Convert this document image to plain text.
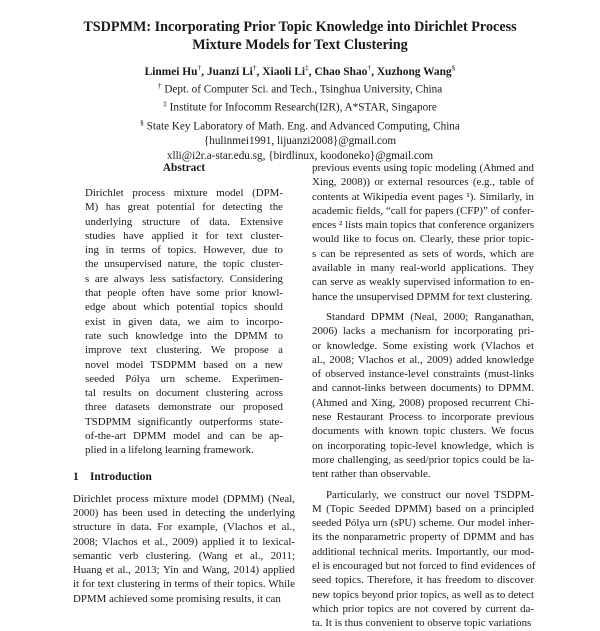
TSDPMM: Incorporating Prior Topic Knowledge into Dirichlet Process
Mixture Models for Text Clustering
Linmei Hu†, Juanzi Li†, Xiaoli Li‡, Chao Shao†, Xuzhong Wang§
† Dept. of Computer Sci. and Tech., Tsinghua University, China
‡ Institute for Infocomm Research(I2R), A*STAR, Singapore
§ State Key Laboratory of Math. Eng. and Advanced Computing, China
{hulinmei1991, lijuanzi2008}@gmail.com
xlli@i2r.a-star.edu.sg, {birdlinux, koodoneko}@gmail.com
Abstract
Dirichlet process mixture model (DPM-
M) has great potential for detecting the
underlying structure of data. Extensive
studies have applied it for text cluster-
ing in terms of topics. However, due to
the unsupervised nature, the topic cluster-
s are always less satisfactory. Considering
that people often have some prior knowl-
edge about which potential topics should
exist in given data, we aim to incorpo-
rate such knowledge into the DPMM to
improve text clustering. We propose a
novel model TSDPMM based on a new
seeded Pólya urn scheme. Experimen-
tal results on document clustering across
three datasets demonstrate our proposed
TSDPMM significantly outperforms state-
of-the-art DPMM model and can be ap-
plied in a lifelong learning framework.
1 Introduction
Dirichlet process mixture model (DPMM) (Neal,
2000) has been used in detecting the underlying
structure in data. For example, (Vlachos et al.,
2008; Vlachos et al., 2009) applied it to lexical-
semantic verb clustering. (Wang et al., 2011;
Huang et al., 2013; Yin and Wang, 2014) applied
it for text clustering in terms of their topics. While
DPMM achieved some promising results, it can
previous events using topic modeling (Ahmed and
Xing, 2008)) or external resources (e.g., table of
contents at Wikipedia event pages ¹). Similarly, in
academic fields, “call for papers (CFP)” of confer-
ences ² lists main topics that conference organizers
would like to focus on. Clearly, these prior topic-
s can be represented as sets of words, which are
available in many real-world applications. They
can serve as weakly supervised information to en-
hance the unsupervised DPMM for text clustering.
Standard DPMM (Neal, 2000; Ranganathan,
2006) lacks a mechanism for incorporating pri-
or knowledge. Some existing work (Vlachos et
al., 2008; Vlachos et al., 2009) added knowledge
of observed instance-level constraints (must-links
and cannot-links between documents) to DPMM.
(Ahmed and Xing, 2008) proposed recurrent Chi-
nese Restaurant Process to incorporate previous
documents with known topic clusters. We focus
on incorporating topic-level knowledge, which is
more challenging, as seed/prior topics could be la-
tent rather than observable.
Particularly, we construct our novel TSDPM-
M (Topic Seeded DPMM) based on a principled
seeded Pólya urn (sPU) scheme. Our model inher-
its the nonparametric property of DPMM and has
additional technical merits. Importantly, our mod-
el is encouraged but not forced to find evidences of
seed topics. Therefore, it has freedom to discover
new topics beyond prior topics, as well as to detect
which prior topics are not covered by current da-
ta. It is thus convenient to observe topic variations
